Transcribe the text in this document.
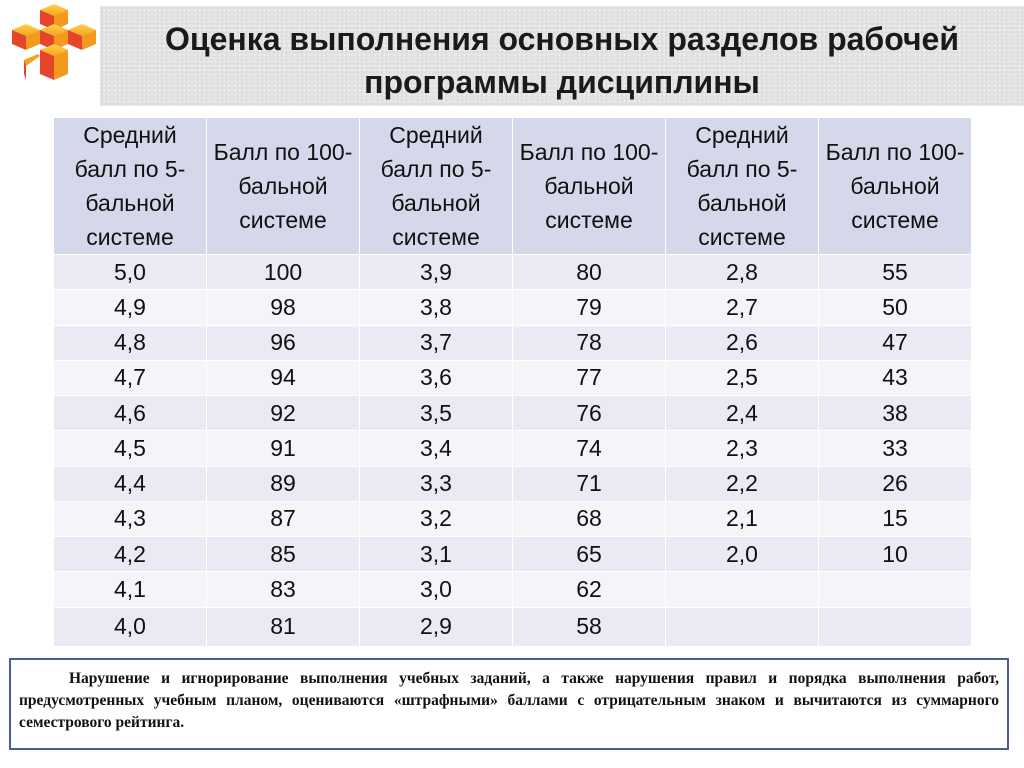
Оценка выполнения основных разделов рабочей
программы дисциплины
Средний балл по 5-бальной системе	Балл по 100-бальной системе	Средний балл по 5-бальной системе	Балл по 100-бальной системе	Средний балл по 5-бальной системе	Балл по 100-бальной системе
5,0	100	3,9	80	2,8	55
4,9	98	3,8	79	2,7	50
4,8	96	3,7	78	2,6	47
4,7	94	3,6	77	2,5	43
4,6	92	3,5	76	2,4	38
4,5	91	3,4	74	2,3	33
4,4	89	3,3	71	2,2	26
4,3	87	3,2	68	2,1	15
4,2	85	3,1	65	2,0	10
4,1	83	3,0	62		
4,0	81	2,9	58		
Нарушение и игнорирование выполнения учебных заданий, а также нарушения правил и порядка выполнения работ, предусмотренных учебным планом, оцениваются «штрафными» баллами с отрицательным знаком и вычитаются из суммарного семестрового рейтинга.
